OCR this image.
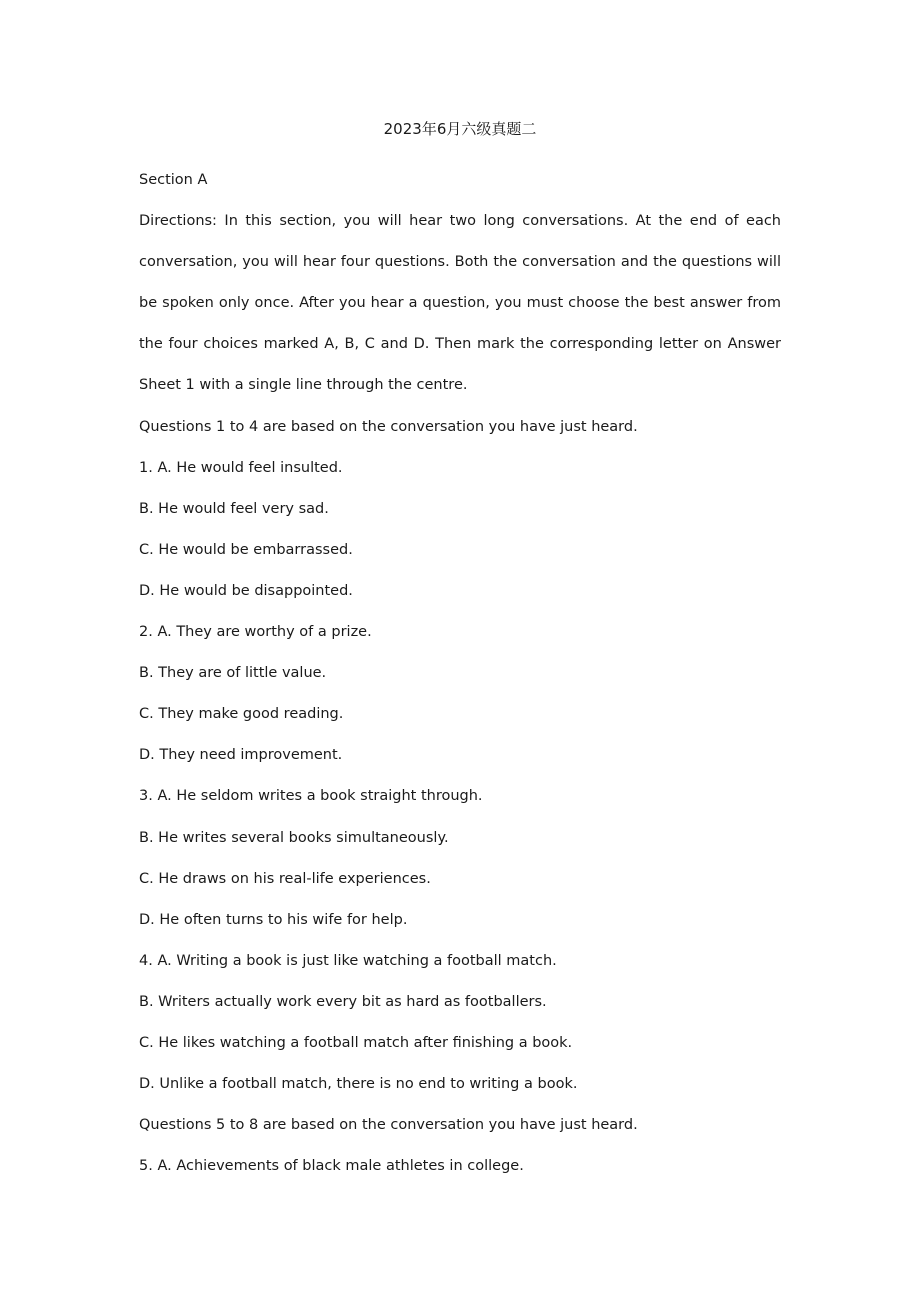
2023年6月六级真题二

Section A

Directions: In this section, you will hear two long conversations. At the end of each conversation, you will hear four questions. Both the conversation and the questions will be spoken only once. After you hear a question, you must choose the best answer from the four choices marked A, B, C and D. Then mark the corresponding letter on Answer Sheet 1 with a single line through the centre.

Questions 1 to 4 are based on the conversation you have just heard.

1. A. He would feel insulted.

B. He would feel very sad.

C. He would be embarrassed.

D. He would be disappointed.

2. A. They are worthy of a prize.

B. They are of little value.

C. They make good reading.

D. They need improvement.

3. A. He seldom writes a book straight through.

B. He writes several books simultaneously.

C. He draws on his real-life experiences.

D. He often turns to his wife for help.

4. A. Writing a book is just like watching a football match.

B. Writers actually work every bit as hard as footballers.

C. He likes watching a football match after finishing a book.

D. Unlike a football match, there is no end to writing a book.

Questions 5 to 8 are based on the conversation you have just heard.

5. A. Achievements of black male athletes in college.
